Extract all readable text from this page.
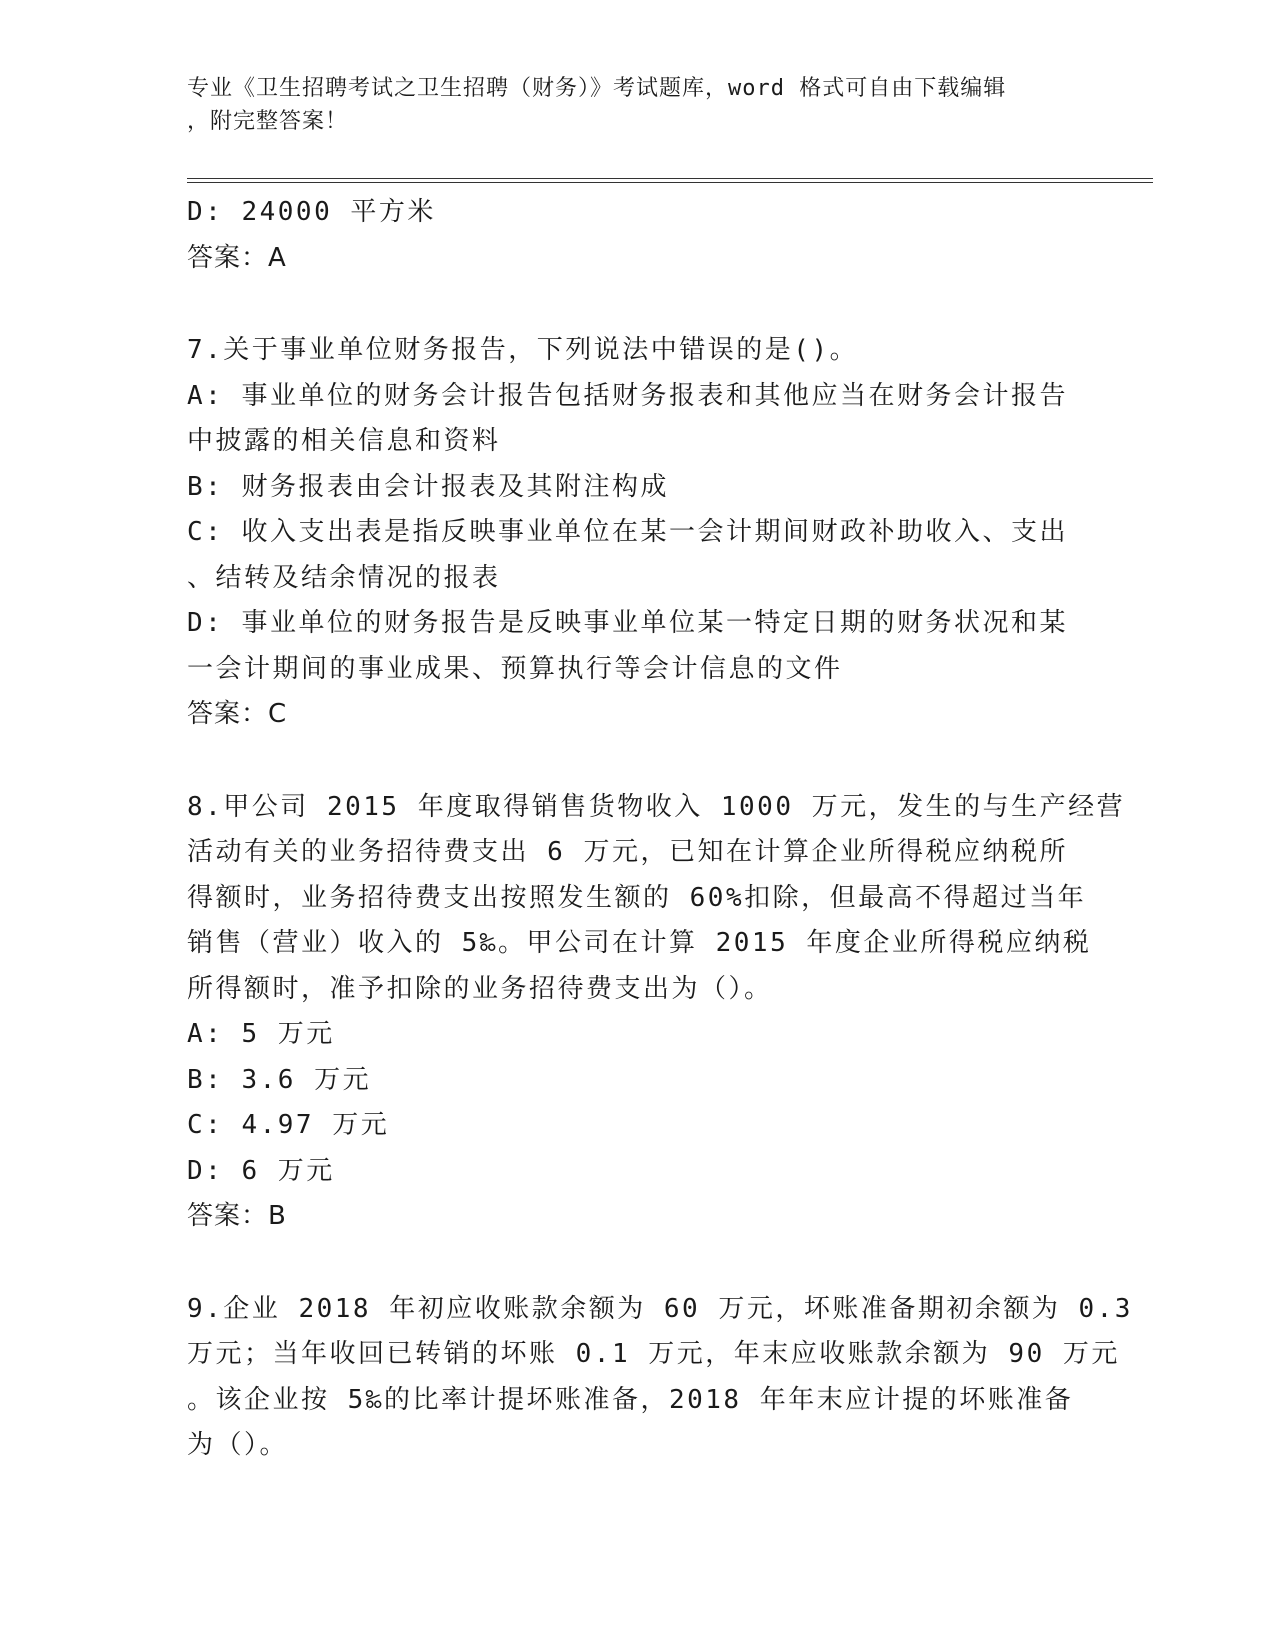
专业《卫生招聘考试之卫生招聘（财务）》考试题库，word 格式可自由下载编辑
，附完整答案！
D: 24000 平方米
答案：A
7.关于事业单位财务报告，下列说法中错误的是()。
A: 事业单位的财务会计报告包括财务报表和其他应当在财务会计报告
中披露的相关信息和资料
B: 财务报表由会计报表及其附注构成
C: 收入支出表是指反映事业单位在某一会计期间财政补助收入、支出
、结转及结余情况的报表
D: 事业单位的财务报告是反映事业单位某一特定日期的财务状况和某
一会计期间的事业成果、预算执行等会计信息的文件
答案：C
8.甲公司 2015 年度取得销售货物收入 1000 万元，发生的与生产经营
活动有关的业务招待费支出 6 万元，已知在计算企业所得税应纳税所
得额时，业务招待费支出按照发生额的 60%扣除，但最高不得超过当年
销售（营业）收入的 5‰。甲公司在计算 2015 年度企业所得税应纳税
所得额时，准予扣除的业务招待费支出为（）。
A: 5 万元
B: 3.6 万元
C: 4.97 万元
D: 6 万元
答案：B
9.企业 2018 年初应收账款余额为 60 万元，坏账准备期初余额为 0.3
万元；当年收回已转销的坏账 0.1 万元，年末应收账款余额为 90 万元
。该企业按 5‰的比率计提坏账准备，2018 年年末应计提的坏账准备
为（）。
